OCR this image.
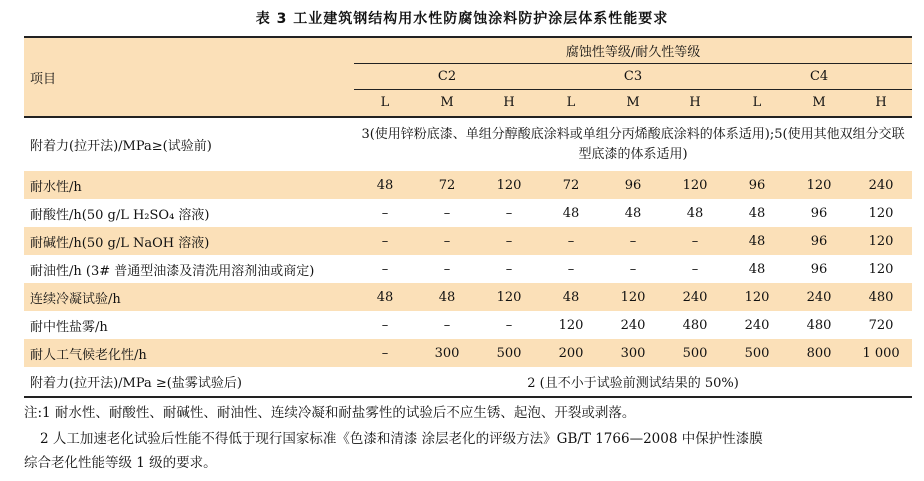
表 3 工业建筑钢结构用水性防腐蚀涂料防护涂层体系性能要求
项目	腐蚀性等级/耐久性等级								
	C2			C3			C4		
	L	M	H	L	M	H	L	M	H
附着力(拉开法)/MPa≥(试验前)	3(使用锌粉底漆、单组分醇酸底涂料或单组分丙烯酸底涂料的体系适用);5(使用其他双组分交联型底漆的体系适用)								
耐水性/h	48	72	120	72	96	120	96	120	240
耐酸性/h(50 g/L H₂SO₄ 溶液)	–	–	–	48	48	48	48	96	120
耐碱性/h(50 g/L NaOH 溶液)	–	–	–	–	–	–	48	96	120
耐油性/h (3# 普通型油漆及清洗用溶剂油或商定)	–	–	–	–	–	–	48	96	120
连续冷凝试验/h	48	48	120	48	120	240	120	240	480
耐中性盐雾/h	–	–	–	120	240	480	240	480	720
耐人工气候老化性/h	–	300	500	200	300	500	500	800	1 000
附着力(拉开法)/MPa ≥(盐雾试验后)	2 (且不小于试验前测试结果的 50%)								
注:1 耐水性、耐酸性、耐碱性、耐油性、连续冷凝和耐盐雾性的试验后不应生锈、起泡、开裂或剥落。
2 人工加速老化试验后性能不得低于现行国家标准《色漆和清漆 涂层老化的评级方法》GB/T 1766—2008 中保护性漆膜
综合老化性能等级 1 级的要求。
